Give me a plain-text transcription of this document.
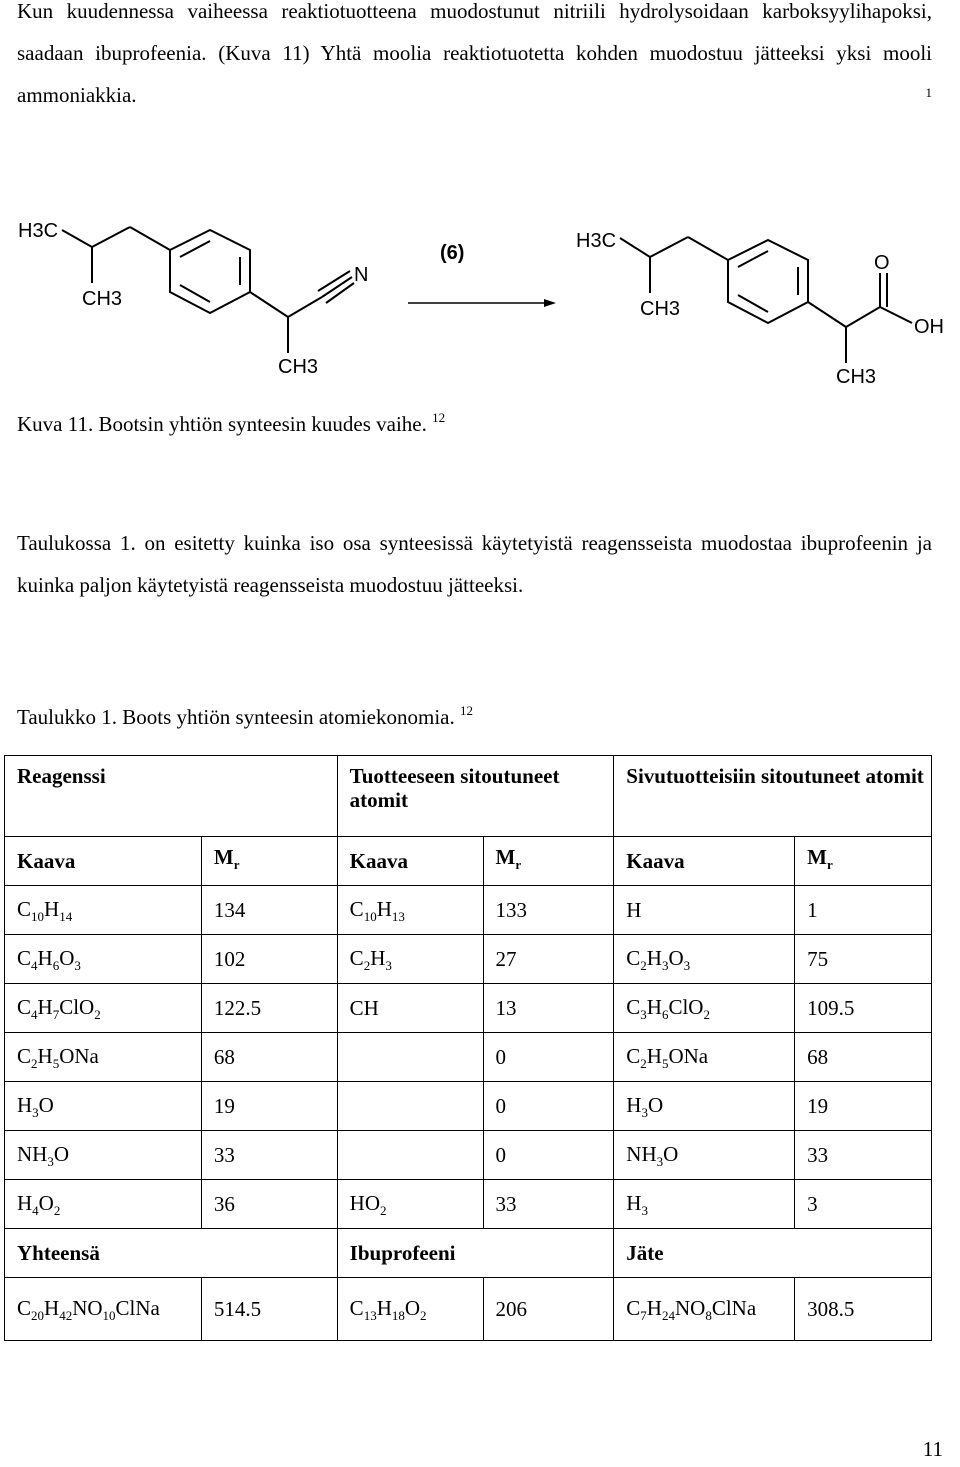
Kun kuudennessa vaiheessa reaktiotuotteena muodostunut nitriili hydrolysoidaan karboksyylihapoksi, saadaan ibuprofeenia. (Kuva 11) Yhtä moolia reaktiotuotetta kohden muodostuu jätteeksi yksi mooli ammoniakkia.	$^1$
H3C
CH3
N
CH3
(6)
H3C
CH3
O
OH
CH3
Kuva 11. Bootsin yhtiön synteesin kuudes vaihe. $^{12}$
Taulukossa 1. on esitetty kuinka iso osa synteesissä käytetyistä reagensseista muodostaa ibuprofeenin ja kuinka paljon käytetyistä reagensseista muodostuu jätteeksi.
Taulukko 1. Boots yhtiön synteesin atomiekonomia. $^{12}$
Reagenssi		Tuotteeseen sitoutuneet atomit		Sivutuotteisiin sitoutuneet atomit	
Kaava	$M_r$	Kaava	$M_r$	Kaava	$M_r$
$C_{10}H_{14}$	134	$C_{10}H_{13}$	133	H	1
$C_4H_6O_3$	102	$C_2H_3$	27	$C_2H_3O_3$	75
$C_4H_7ClO_2$	122.5	CH	13	$C_3H_6ClO_2$	109.5
$C_2H_5ONa$	68		0	$C_2H_5ONa$	68
$H_3O$	19		0	$H_3O$	19
$NH_3O$	33		0	$NH_3O$	33
$H_4O_2$	36	$HO_2$	33	$H_3$	3
Yhteensä		Ibuprofeeni		Jäte	
$C_{20}H_{42}NO_{10}ClNa$	514.5	$C_{13}H_{18}O_2$	206	$C_7H_{24}NO_8ClNa$	308.5
11
